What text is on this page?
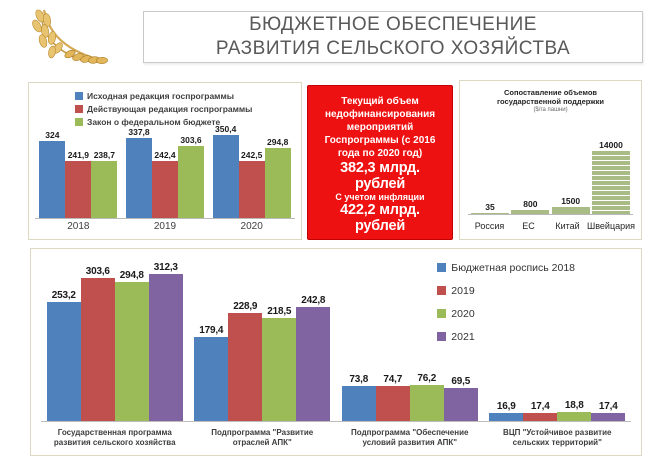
БЮДЖЕТНОЕ ОБЕСПЕЧЕНИЕ
РАЗВИТИЯ СЕЛЬСКОГО ХОЗЯЙСТВА
Исходная редакция госпрограммы
Действующая редакция госпрограммы
Закон о федеральном бюджете
324
241,9 238,7
337,8
242,4
303,6
350,4
242,5
294,8
2018	2019	2020
Текущий объем недофинансирования мероприятий Госпрограммы (с 2016 года по 2020 год)
382,3 млрд. рублей
С учетом инфляции
422,2 млрд. рублей
Сопоставление объемов государственной поддержки
($/га пашни)
35	800	1500
14000
Россия	ЕС	Китай Швейцария
Бюджетная роспись 2018
2019
2020
2021
253,2
303,6 294,8
312,3
179,4
228,9 218,5
242,8
73,8 74,7 76,2 69,5
16,9 17,4 18,8 17,4
Государственная программа развития сельского хозяйства
Подпрограмма "Развитие отраслей АПК"
Подпрограмма "Обеспечение условий развития АПК"
ВЦП "Устойчивое развитие сельских территорий"
